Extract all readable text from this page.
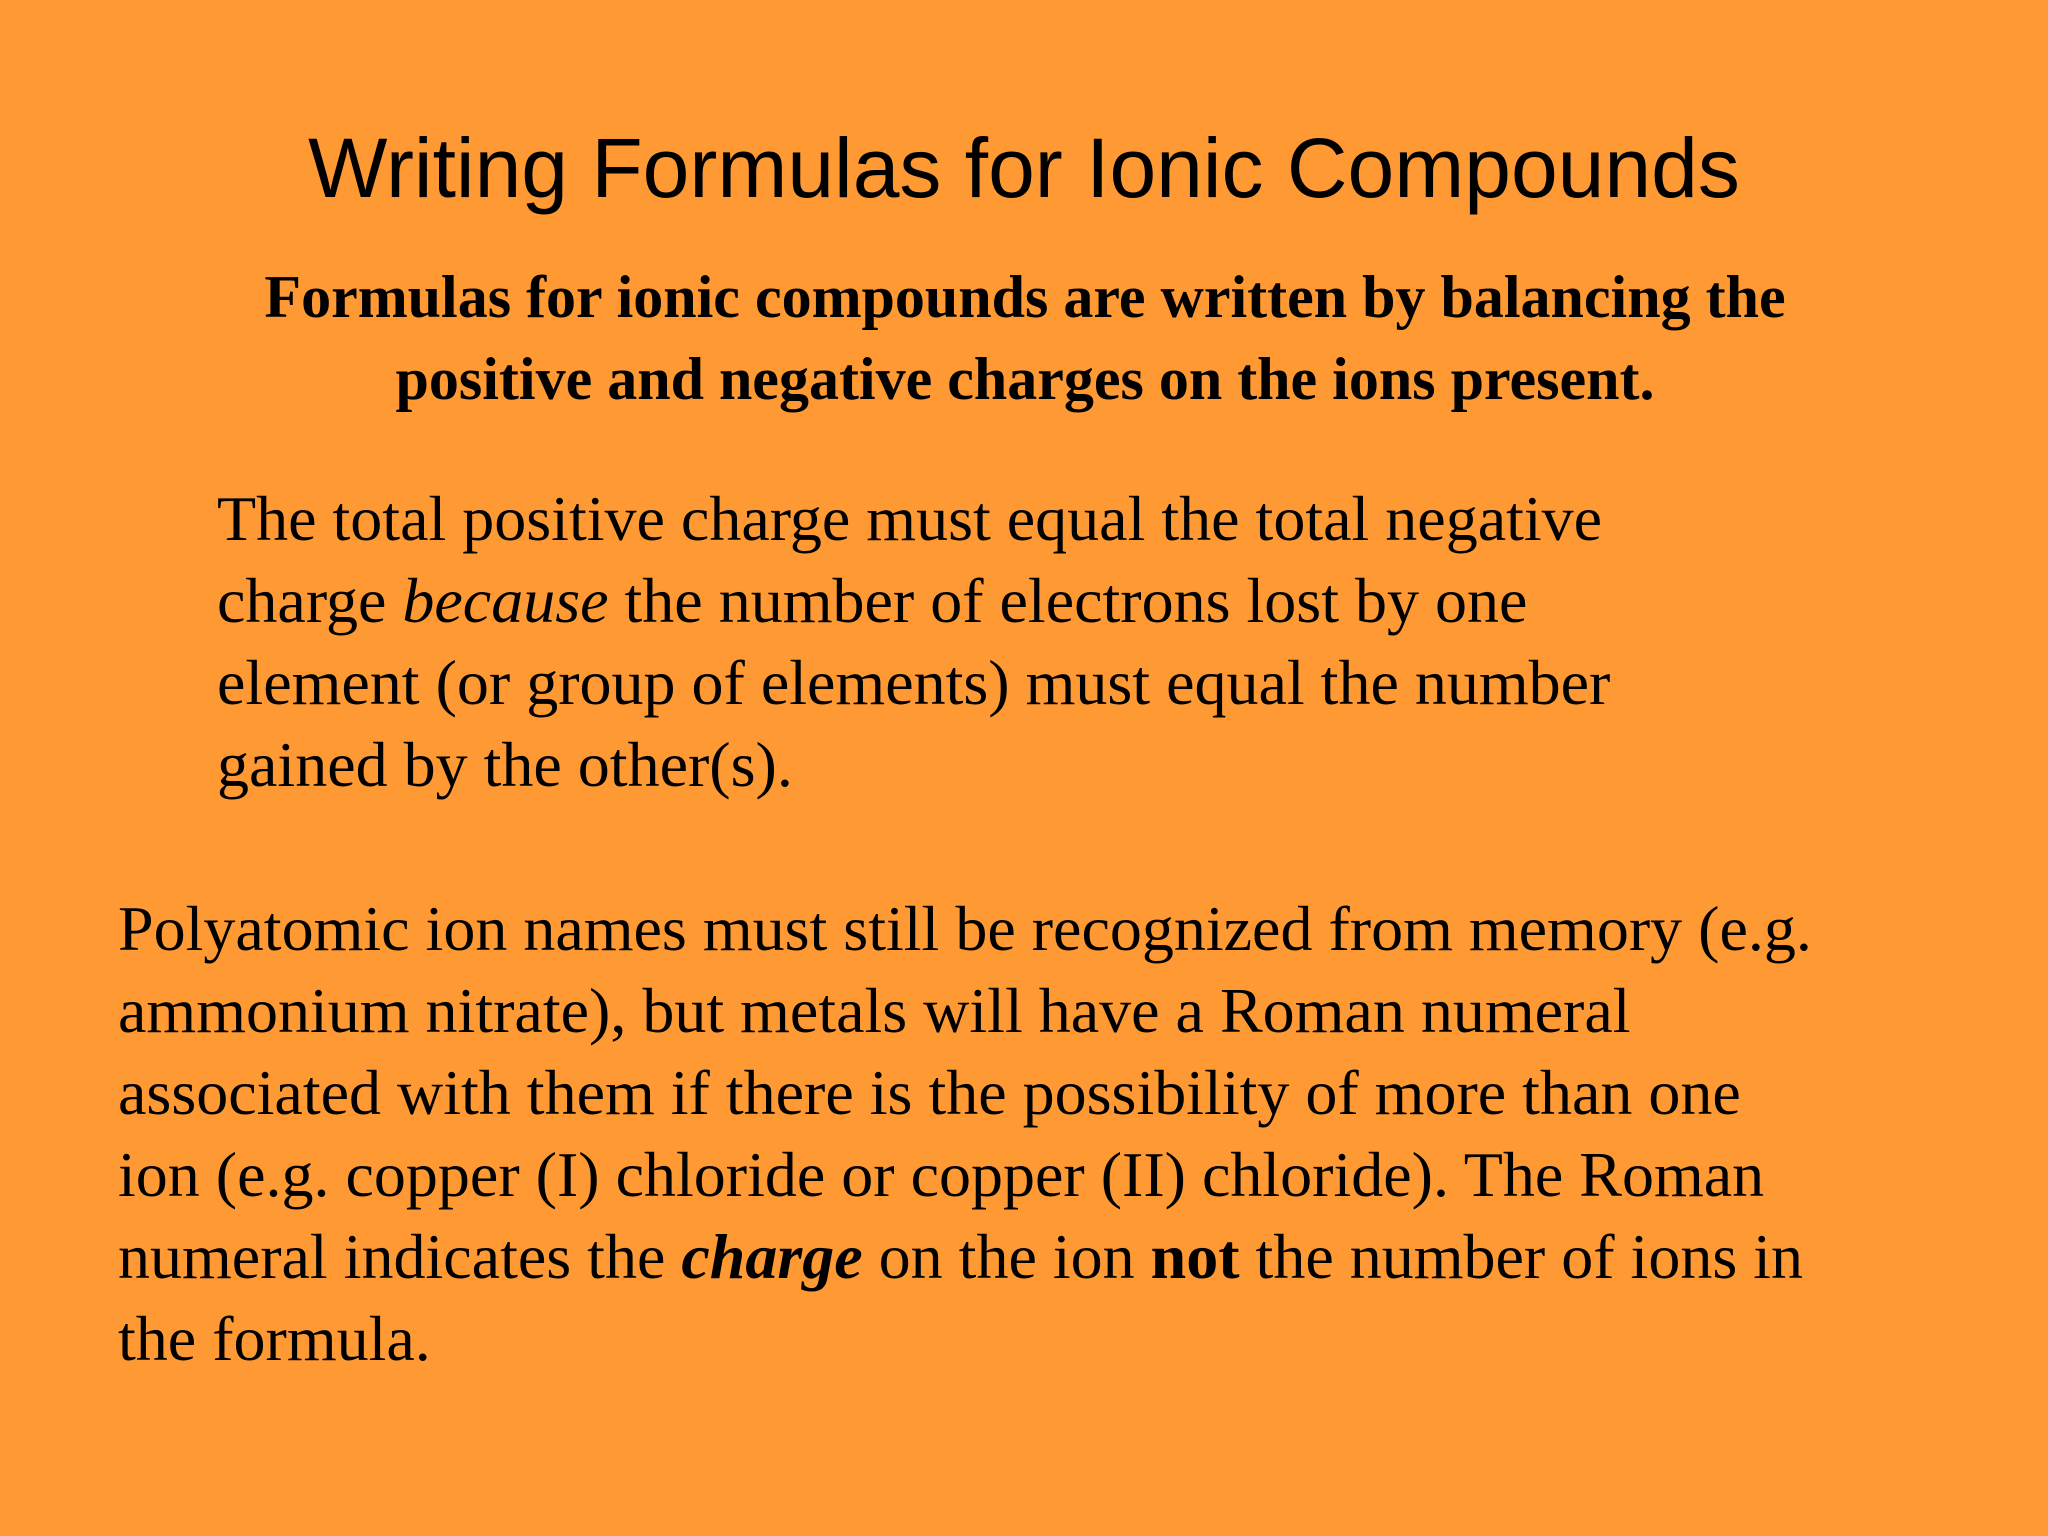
Writing Formulas for Ionic Compounds

Formulas for ionic compounds are written by balancing the
positive and negative charges on the ions present.

The total positive charge must equal the total negative
charge because the number of electrons lost by one
element (or group of elements) must equal the number
gained by the other(s).

Polyatomic ion names must still be recognized from memory (e.g.
ammonium nitrate), but metals will have a Roman numeral
associated with them if there is the possibility of more than one
ion (e.g. copper (I) chloride or copper (II) chloride). The Roman
numeral indicates the charge on the ion not the number of ions in
the formula.
